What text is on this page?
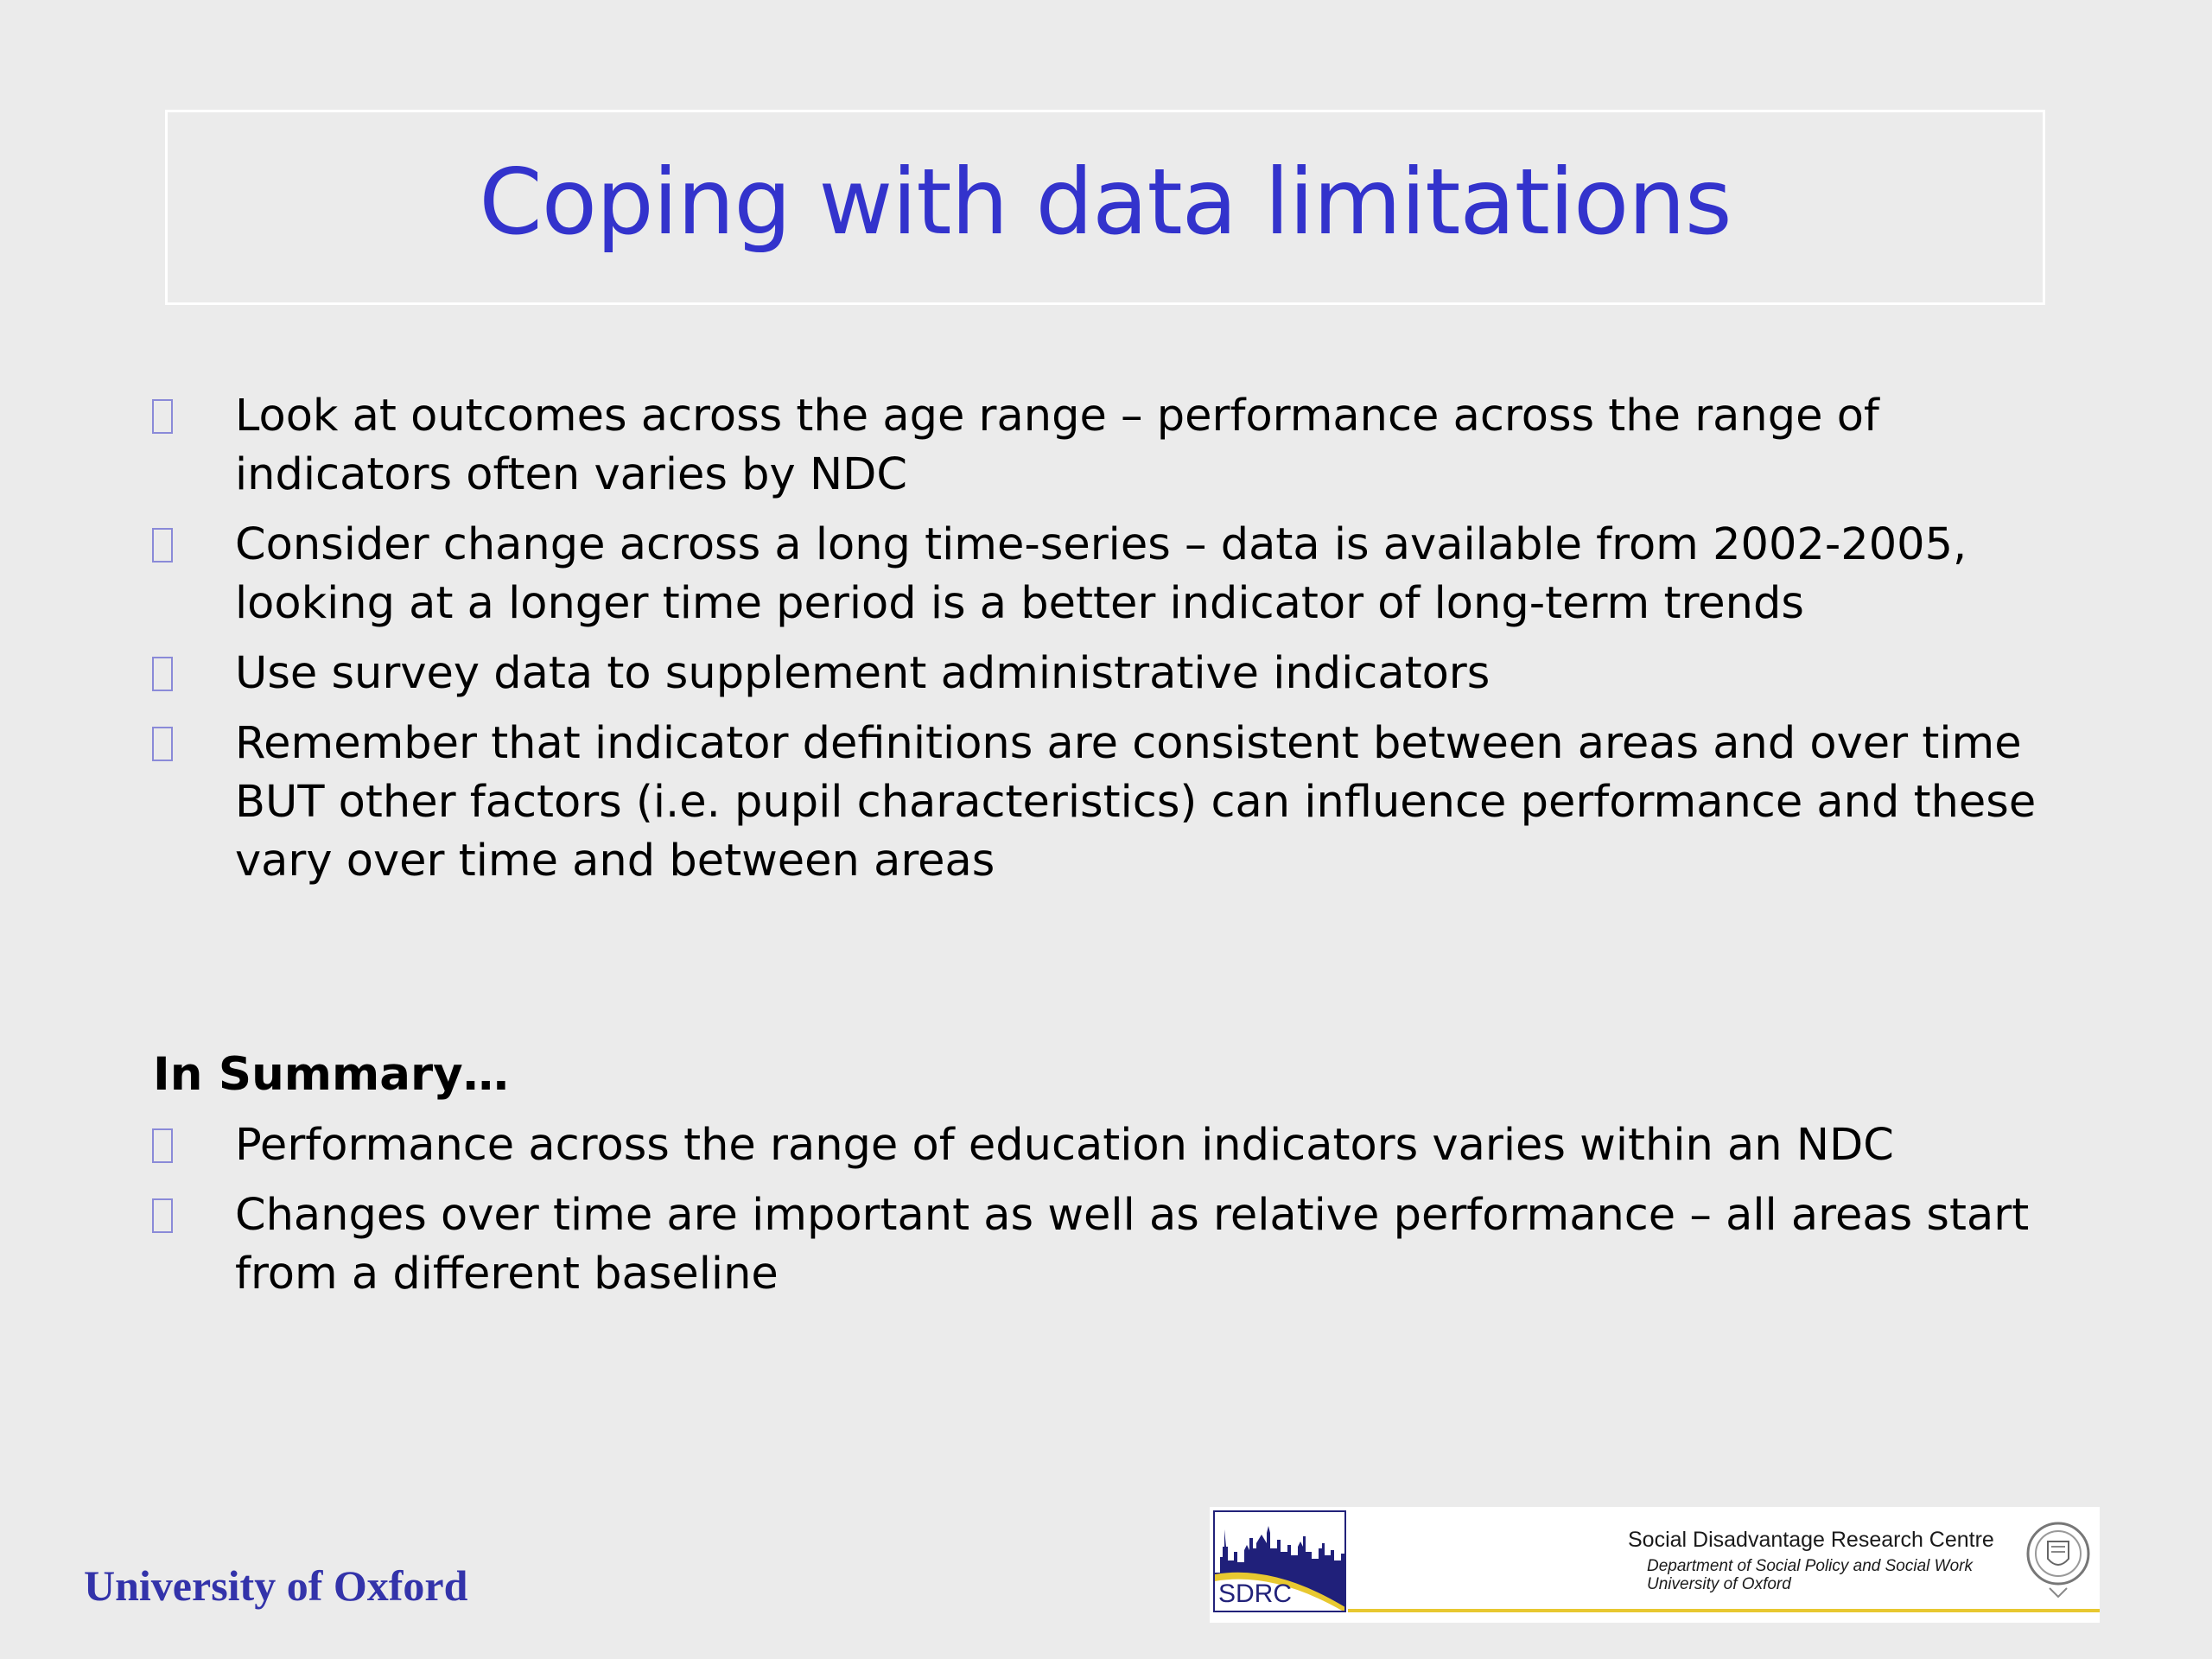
Coping with data limitations
Look at outcomes across the age range – performance across the range of indicators often varies by NDC
Consider change across a long time-series – data is available from 2002-2005, looking at a longer time period is a better indicator of long-term trends
Use survey data to supplement administrative indicators
Remember that indicator definitions are consistent between areas and over time BUT other factors (i.e. pupil characteristics) can influence performance and these vary over time and between areas
In Summary…
Performance across the range of education indicators varies within an NDC
Changes over time are important as well as relative performance – all areas start from a different baseline
University of Oxford	SDRC
Social Disadvantage Research Centre
Department of Social Policy and Social Work
University of Oxford
